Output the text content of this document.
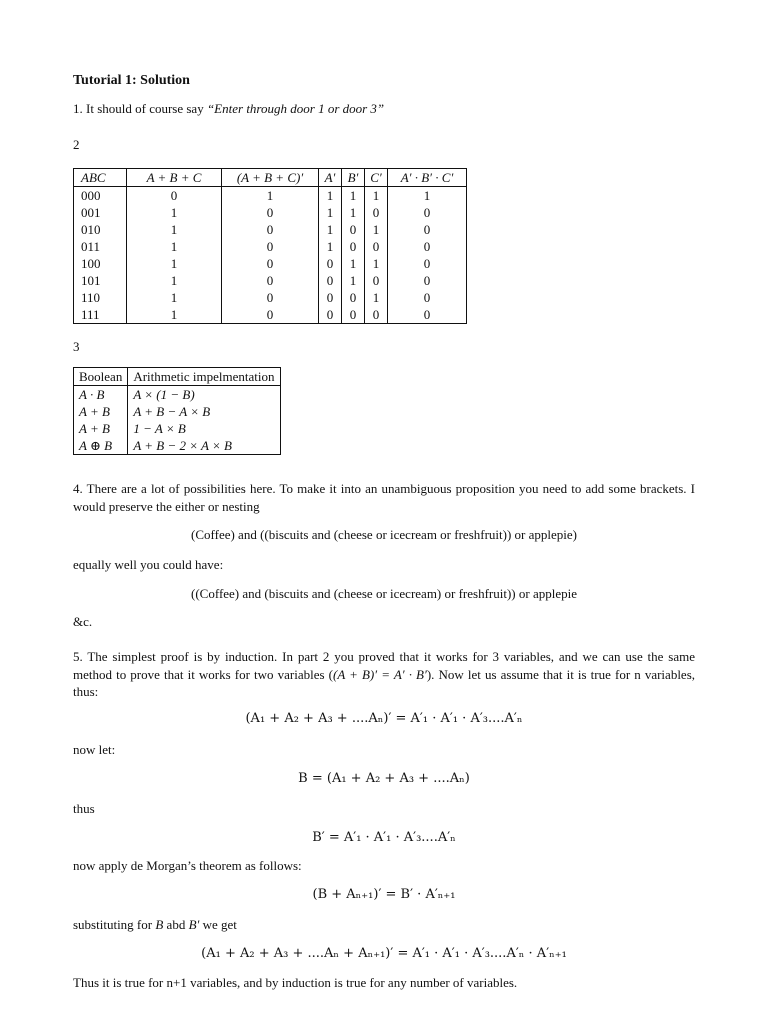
Tutorial 1: Solution
1. It should of course say “Enter through door 1 or door 3”
2
ABC	A + B + C	(A + B + C)′	A′	B′	C′	A′ · B′ · C′
000	0	1	1	1	1	1
001	1	0	1	1	0	0
010	1	0	1	0	1	0
011	1	0	1	0	0	0
100	1	0	0	1	1	0
101	1	0	0	1	0	0
110	1	0	0	0	1	0
111	1	0	0	0	0	0
3
Boolean	Arithmetic impelmentation
A · B	A × (1 − B)
A + B	A + B − A × B
A + B	1 − A × B
A ⊕ B	A + B − 2 × A × B
4. There are a lot of possibilities here. To make it into an unambiguous proposition you need to add some brackets. I would preserve the either or nesting
(Coffee) and ((biscuits and (cheese or icecream or freshfruit)) or applepie)
equally well you could have:
((Coffee) and (biscuits and (cheese or icecream) or freshfruit)) or applepie
&c.
5. The simplest proof is by induction. In part 2 you proved that it works for 3 variables, and we can use the same method to prove that it works for two variables ((A + B)′ = A′ · B′). Now let us assume that it is true for n variables, thus:
(A₁ + A₂ + A₃ + ....Aₙ)′ = A′₁ · A′₁ · A′₃....A′ₙ
now let:
B = (A₁ + A₂ + A₃ + ....Aₙ)
thus
B′ = A′₁ · A′₁ · A′₃....A′ₙ
now apply de Morgan’s theorem as follows:
(B + Aₙ₊₁)′ = B′ · A′ₙ₊₁
substituting for B abd B′ we get
(A₁ + A₂ + A₃ + ....Aₙ + Aₙ₊₁)′ = A′₁ · A′₁ · A′₃....A′ₙ · A′ₙ₊₁
Thus it is true for n+1 variables, and by induction is true for any number of variables.
